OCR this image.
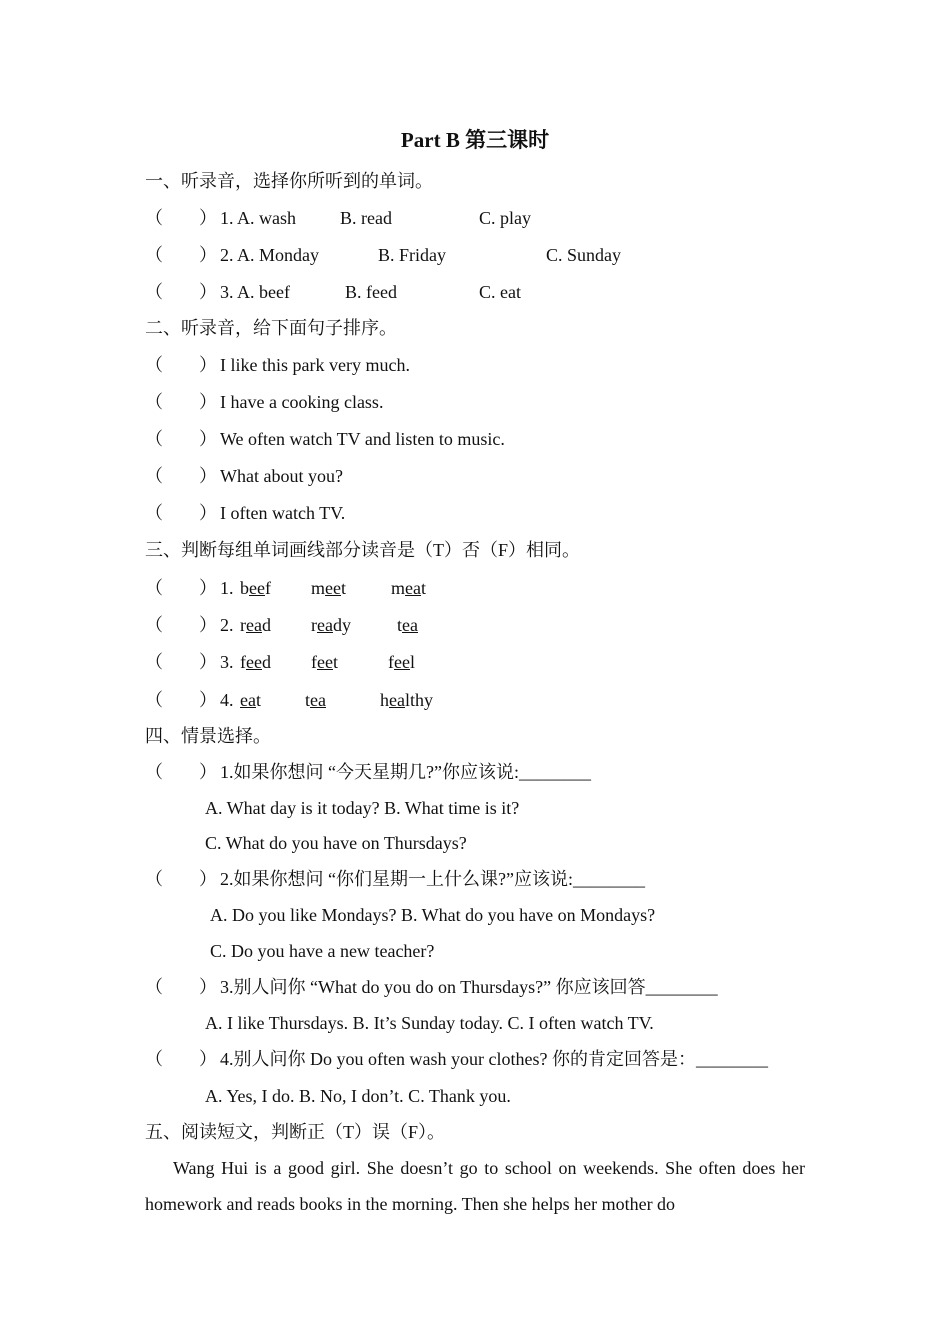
Part B 第三课时
一、听录音，选择你所听到的单词。
（　　） 1. A. wash B. read	C. play
（　　） 2. A. Monday	B. Friday	C. Sunday
（　　） 3. A. beef	B. feed	C. eat
二、听录音，给下面句子排序。
（　　） I like this park very much.
（　　） I have a cooking class.
（　　） We often watch TV and listen to music.
（　　） What about you?
（　　） I often watch TV.
三、判断每组单词画线部分读音是（T）否（F）相同。
（　　） 1. beef meet meat
（　　） 2. read ready	tea
（　　） 3. feed feet	feel
（　　） 4. eat tea	healthy
四、情景选择。
（　　） 1.如果你想问 “今天星期几?”你应该说:________
A. What day is it today? B. What time is it?
C. What do you have on Thursdays?
（　　） 2.如果你想问 “你们星期一上什么课?”应该说:________
A. Do you like Mondays? B. What do you have on Mondays?
C. Do you have a new teacher?
（　　） 3.别人问你 “What do you do on Thursdays?” 你应该回答________
A. I like Thursdays. B. It’s Sunday today. C. I often watch TV.
（　　） 4.别人问你 Do you often wash your clothes? 你的肯定回答是：________
A. Yes, I do. B. No, I don’t. C. Thank you.
五、阅读短文，判断正（T）误（F）。
Wang Hui is a good girl. She doesn’t go to school on weekends. She often does her homework and reads books in the morning. Then she helps her mother do
